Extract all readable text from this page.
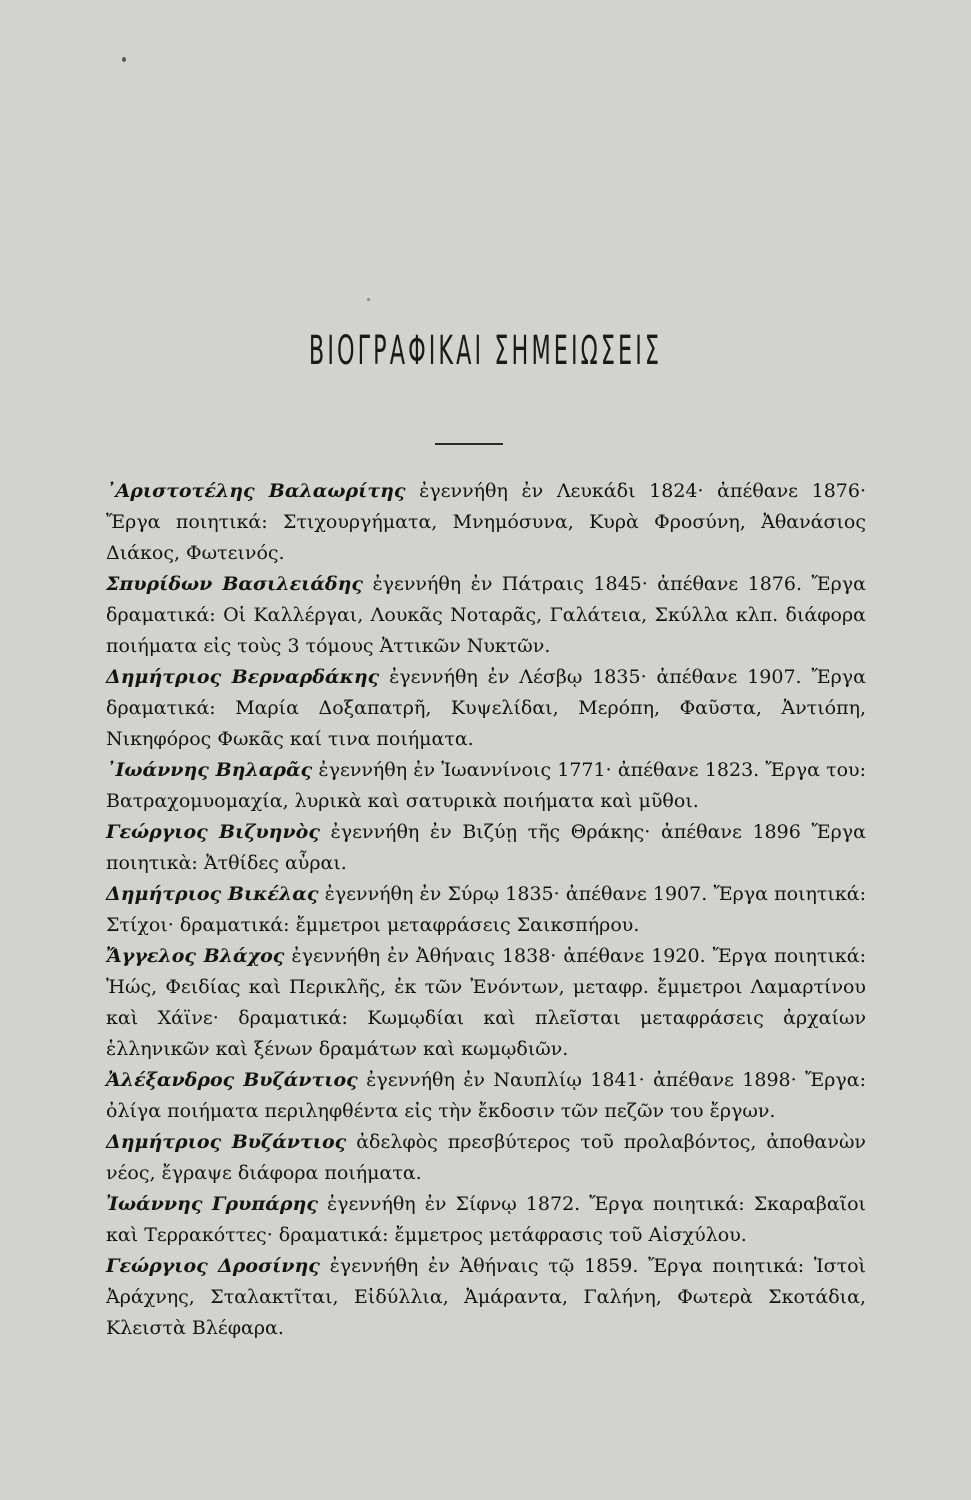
ΒΙΟΓΡΑΦΙΚΑΙ ΣΗΜΕΙΩΣΕΙΣ

᾿Αριστοτέλης Βαλαωρίτης ἐγεννήθη ἐν Λευκάδι 1824· ἀπέθανε 1876· Ἔργα ποιητικά: Στιχουργήματα, Μνημόσυνα, Κυρὰ Φροσύνη, Ἀθανάσιος Διάκος, Φωτεινός.

Σπυρίδων Βασιλειάδης ἐγεννήθη ἐν Πάτραις 1845· ἀπέθανε 1876. Ἔργα δραματικά: Οἱ Καλλέργαι, Λουκᾶς Νοταρᾶς, Γαλάτεια, Σκύλλα κλπ. διάφορα ποιήματα εἰς τοὺς 3 τόμους Ἀττικῶν Νυκτῶν.

Δημήτριος Βερναρδάκης ἐγεννήθη ἐν Λέσβῳ 1835· ἀπέθανε 1907. Ἔργα δραματικά: Μαρία Δοξαπατρῆ, Κυψελίδαι, Μερόπη, Φαῦστα, Ἀντιόπη, Νικηφόρος Φωκᾶς καί τινα ποιήματα.

᾿Ιωάννης Βηλαρᾶς ἐγεννήθη ἐν Ἰωαννίνοις 1771· ἀπέθανε 1823. Ἔργα του: Βατραχομυομαχία, λυρικὰ καὶ σατυρικὰ ποιήματα καὶ μῦθοι.

Γεώργιος Βιζυηνὸς ἐγεννήθη ἐν Βιζύῃ τῆς Θράκης· ἀπέθανε 1896 Ἔργα ποιητικὰ: Ἀτθίδες αὖραι.

Δημήτριος Βικέλας ἐγεννήθη ἐν Σύρῳ 1835· ἀπέθανε 1907. Ἔργα ποιητικά: Στίχοι· δραματικά: ἔμμετροι μεταφράσεις Σαικσπήρου.

Ἄγγελος Βλάχος ἐγεννήθη ἐν Ἀθήναις 1838· ἀπέθανε 1920. Ἔργα ποιητικά: Ἠώς, Φειδίας καὶ Περικλῆς, ἐκ τῶν Ἐνόντων, μεταφρ. ἔμμετροι Λαμαρτίνου καὶ Χάϊνε· δραματικά: Κωμῳδίαι καὶ πλεῖσται μεταφράσεις ἀρχαίων ἑλληνικῶν καὶ ξένων δραμάτων καὶ κωμῳδιῶν.

Ἀλέξανδρος Βυζάντιος ἐγεννήθη ἐν Ναυπλίῳ 1841· ἀπέθανε 1898· Ἔργα: ὀλίγα ποιήματα περιληφθέντα εἰς τὴν ἔκδοσιν τῶν πεζῶν του ἔργων.

Δημήτριος Βυζάντιος ἀδελφὸς πρεσβύτερος τοῦ προλαβόντος, ἀποθανὼν νέος, ἔγραψε διάφορα ποιήματα.

Ἰωάννης Γρυπάρης ἐγεννήθη ἐν Σίφνῳ 1872. Ἔργα ποιητικά: Σκαραβαῖοι καὶ Τερρακόττες· δραματικά: ἔμμετρος μετάφρασις τοῦ Αἰσχύλου.

Γεώργιος Δροσίνης ἐγεννήθη ἐν Ἀθήναις τῷ 1859. Ἔργα ποιητικά: Ἱστοὶ Ἀράχνης, Σταλακτῖται, Εἰδύλλια, Ἀμάραντα, Γαλήνη, Φωτερὰ Σκοτάδια, Κλειστὰ Βλέφαρα.
